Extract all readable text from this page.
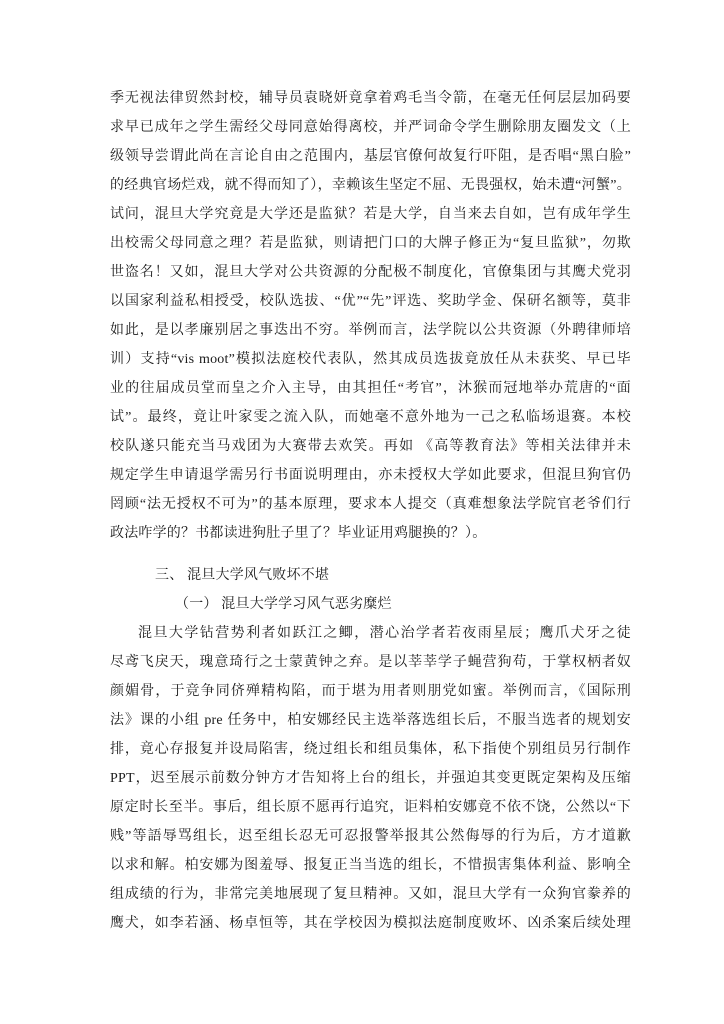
季无视法律贸然封校，辅导员袁晓妍竟拿着鸡毛当令箭，在毫无任何层层加码要
求早已成年之学生需经父母同意始得离校，并严词命令学生删除朋友圈发文（上
级领导尝谓此尚在言论自由之范围内，基层官僚何故复行吓阻，是否唱“黑白脸”
的经典官场烂戏，就不得而知了），幸赖该生坚定不屈、无畏强权，始未遭“河蟹”。
试问，混旦大学究竟是大学还是监狱？若是大学，自当来去自如，岂有成年学生
出校需父母同意之理？若是监狱，则请把门口的大牌子修正为“复旦监狱”，勿欺
世盗名！又如，混旦大学对公共资源的分配极不制度化，官僚集团与其鹰犬党羽
以国家利益私相授受，校队选拔、“优”“先”评选、奖助学金、保研名额等，莫非
如此，是以孝廉别居之事迭出不穷。举例而言，法学院以公共资源（外聘律师培
训）支持“vis moot”模拟法庭校代表队，然其成员选拔竟放任从未获奖、早已毕
业的往届成员堂而皇之介入主导，由其担任“考官”，沐猴而冠地举办荒唐的“面
试”。最终，竟让叶家雯之流入队，而她毫不意外地为一己之私临场退赛。本校
校队遂只能充当马戏团为大赛带去欢笑。再如 《高等教育法》等相关法律并未
规定学生申请退学需另行书面说明理由，亦未授权大学如此要求，但混旦狗官仍
罔顾“法无授权不可为”的基本原理，要求本人提交（真难想象法学院官老爷们行
政法咋学的？书都读进狗肚子里了？毕业证用鸡腿换的？）。
三、 混旦大学风气败坏不堪
（一） 混旦大学学习风气恶劣糜烂
混旦大学钻营势利者如跃江之鲫，潜心治学者若夜雨星辰；鹰爪犬牙之徒
尽鸢飞戾天，瑰意琦行之士蒙黄钟之弃。是以莘莘学子蝇营狗苟，于掌权柄者奴
颜媚骨，于竞争同侪殚精构陷，而于堪为用者则朋党如蜜。举例而言，《国际刑
法》课的小组 pre 任务中，柏安娜经民主选举落选组长后，不服当选者的规划安
排，竟心存报复并设局陷害，绕过组长和组员集体，私下指使个别组员另行制作
PPT，迟至展示前数分钟方才告知将上台的组长，并强迫其变更既定架构及压缩
原定时长至半。事后，组长原不愿再行追究，讵料柏安娜竟不依不饶，公然以“下
贱”等語辱骂组长，迟至组长忍无可忍报警举报其公然侮辱的行为后，方才道歉
以求和解。柏安娜为图羞辱、报复正当当选的组长，不惜损害集体利益、影响全
组成绩的行为，非常完美地展现了复旦精神。又如，混旦大学有一众狗官豢养的
鹰犬，如李若涵、杨卓恒等，其在学校因为模拟法庭制度败坏、凶杀案后续处理
